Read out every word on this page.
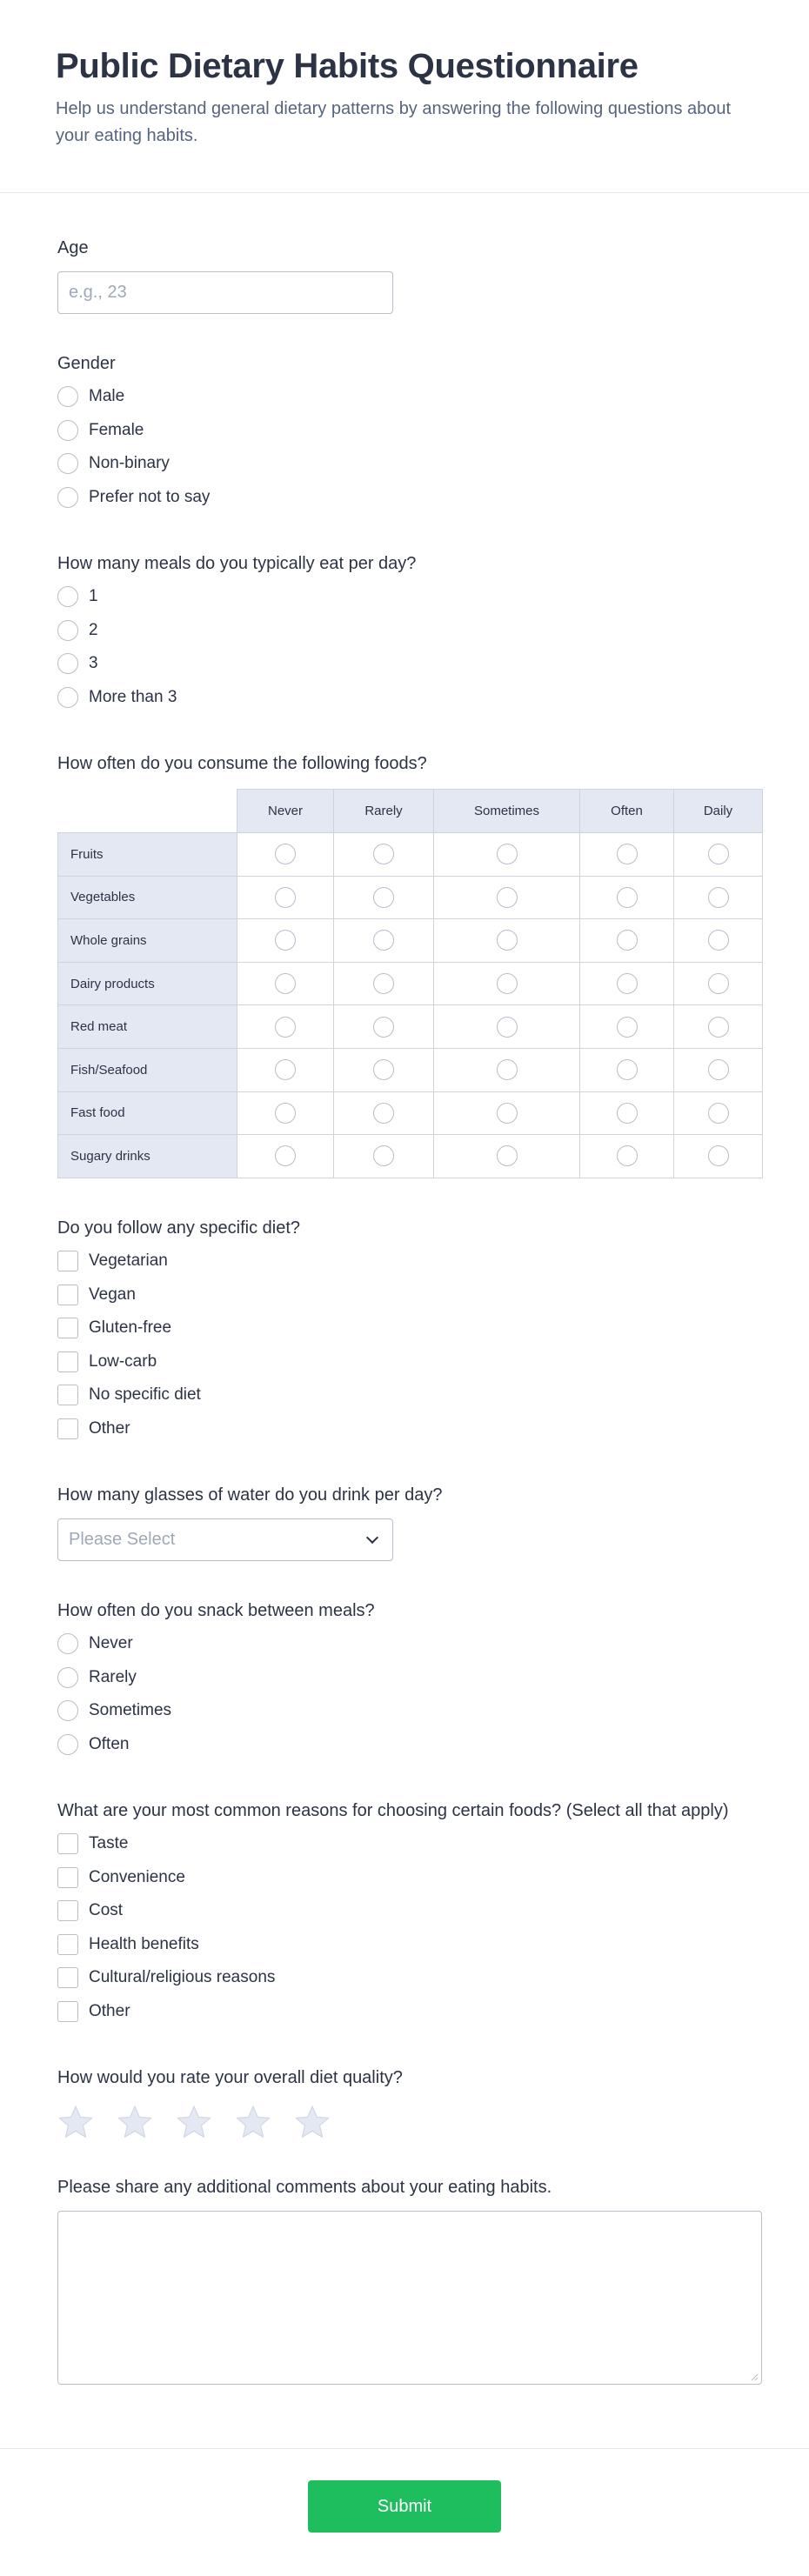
Public Dietary Habits Questionnaire

Help us understand general dietary patterns by answering the following questions about your eating habits.

Age
e.g., 23
Gender
Male
Female
Non-binary
Prefer not to say
How many meals do you typically eat per day?
1
2
3
More than 3
How often do you consume the following foods?
	Never	Rarely	Sometimes	Often	Daily
Fruits					
Vegetables					
Whole grains					
Dairy products					
Red meat					
Fish/Seafood					
Fast food					
Sugary drinks					
Do you follow any specific diet?
Vegetarian
Vegan
Gluten-free
Low-carb
No specific diet
Other
How many glasses of water do you drink per day?
Please Select
How often do you snack between meals?
Never
Rarely
Sometimes
Often
What are your most common reasons for choosing certain foods? (Select all that apply)
Taste
Convenience
Cost
Health benefits
Cultural/religious reasons
Other
How would you rate your overall diet quality?
Please share any additional comments about your eating habits.
Submit
